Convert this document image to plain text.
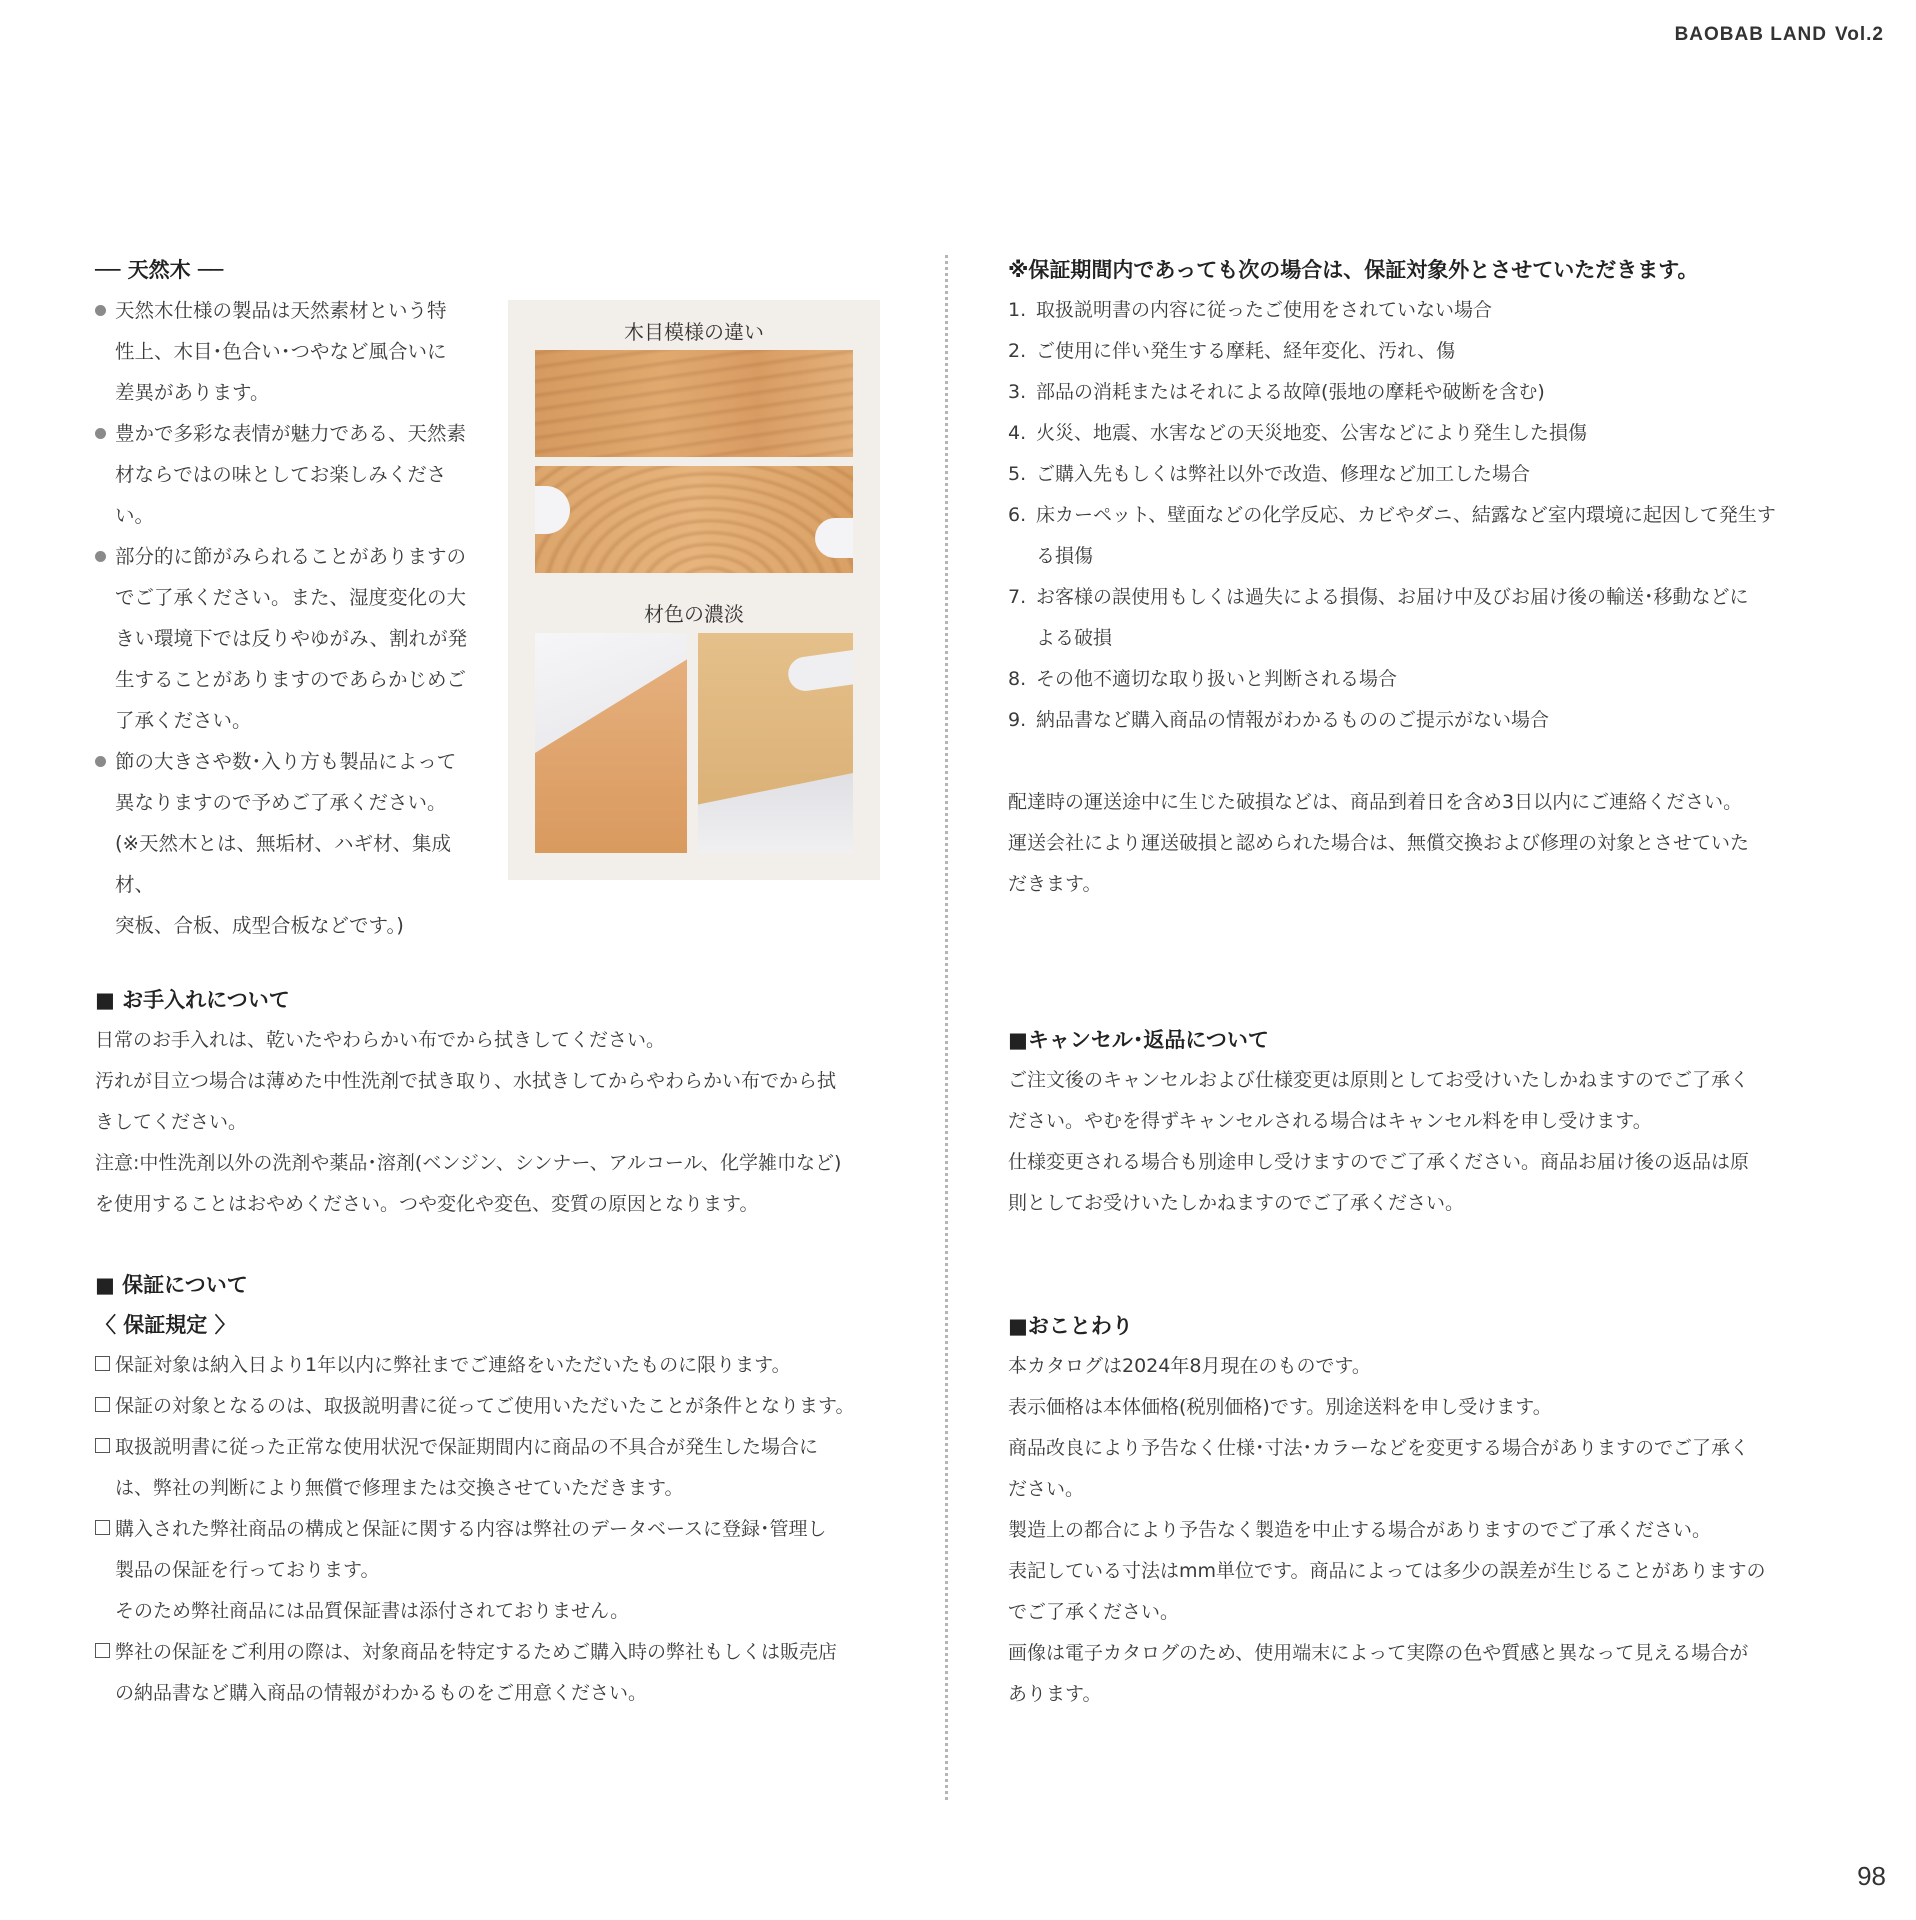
BAOBAB LAND Vol.2

── 天然木 ──

天然木仕様の製品は天然素材という特
性上、木目･色合い･つやなど風合いに
差異があります。
豊かで多彩な表情が魅力である、天然素
材ならではの味としてお楽しみください。
部分的に節がみられることがありますの
でご了承ください。また、湿度変化の大
きい環境下では反りやゆがみ、割れが発
生することがありますのであらかじめご
了承ください。
節の大きさや数･入り方も製品によって
異なりますので予めご了承ください。
(※天然木とは、無垢材、ハギ材、集成材、
突板、合板、成型合板などです。)
木目模様の違い
材色の濃淡

■ お手入れについて

日常のお手入れは、乾いたやわらかい布でから拭きしてください。

汚れが目立つ場合は薄めた中性洗剤で拭き取り、水拭きしてからやわらかい布でから拭

きしてください。

注意:中性洗剤以外の洗剤や薬品･溶剤(ベンジン、シンナー、アルコール、化学雑巾など)

を使用することはおやめください。つや変化や変色、変質の原因となります。

■ 保証について

〈 保証規定 〉

保証対象は納入日より1年以内に弊社までご連絡をいただいたものに限ります。
保証の対象となるのは、取扱説明書に従ってご使用いただいたことが条件となります。
取扱説明書に従った正常な使用状況で保証期間内に商品の不具合が発生した場合に
は、弊社の判断により無償で修理または交換させていただきます。
購入された弊社商品の構成と保証に関する内容は弊社のデータベースに登録･管理し
製品の保証を行っております。
そのため弊社商品には品質保証書は添付されておりません。
弊社の保証をご利用の際は、対象商品を特定するためご購入時の弊社もしくは販売店
の納品書など購入商品の情報がわかるものをご用意ください。

※保証期間内であっても次の場合は、保証対象外とさせていただきます。

1. 取扱説明書の内容に従ったご使用をされていない場合
2. ご使用に伴い発生する摩耗、経年変化、汚れ、傷
3. 部品の消耗またはそれによる故障(張地の摩耗や破断を含む)
4. 火災、地震、水害などの天災地変、公害などにより発生した損傷
5. ご購入先もしくは弊社以外で改造、修理など加工した場合
6. 床カーペット、壁面などの化学反応、カビやダニ、結露など室内環境に起因して発生す
る損傷
7. お客様の誤使用もしくは過失による損傷、お届け中及びお届け後の輸送･移動などに
よる破損
8. その他不適切な取り扱いと判断される場合
9. 納品書など購入商品の情報がわかるもののご提示がない場合

配達時の運送途中に生じた破損などは、商品到着日を含め3日以内にご連絡ください。

運送会社により運送破損と認められた場合は、無償交換および修理の対象とさせていた

だきます。

■キャンセル･返品について

ご注文後のキャンセルおよび仕様変更は原則としてお受けいたしかねますのでご了承く

ださい。やむを得ずキャンセルされる場合はキャンセル料を申し受けます。

仕様変更される場合も別途申し受けますのでご了承ください。商品お届け後の返品は原

則としてお受けいたしかねますのでご了承ください。

■おことわり

本カタログは2024年8月現在のものです。

表示価格は本体価格(税別価格)です。別途送料を申し受けます。

商品改良により予告なく仕様･寸法･カラーなどを変更する場合がありますのでご了承く

ださい。

製造上の都合により予告なく製造を中止する場合がありますのでご了承ください。

表記している寸法はmm単位です。商品によっては多少の誤差が生じることがありますの

でご了承ください。

画像は電子カタログのため、使用端末によって実際の色や質感と異なって見える場合が

あります。

98
